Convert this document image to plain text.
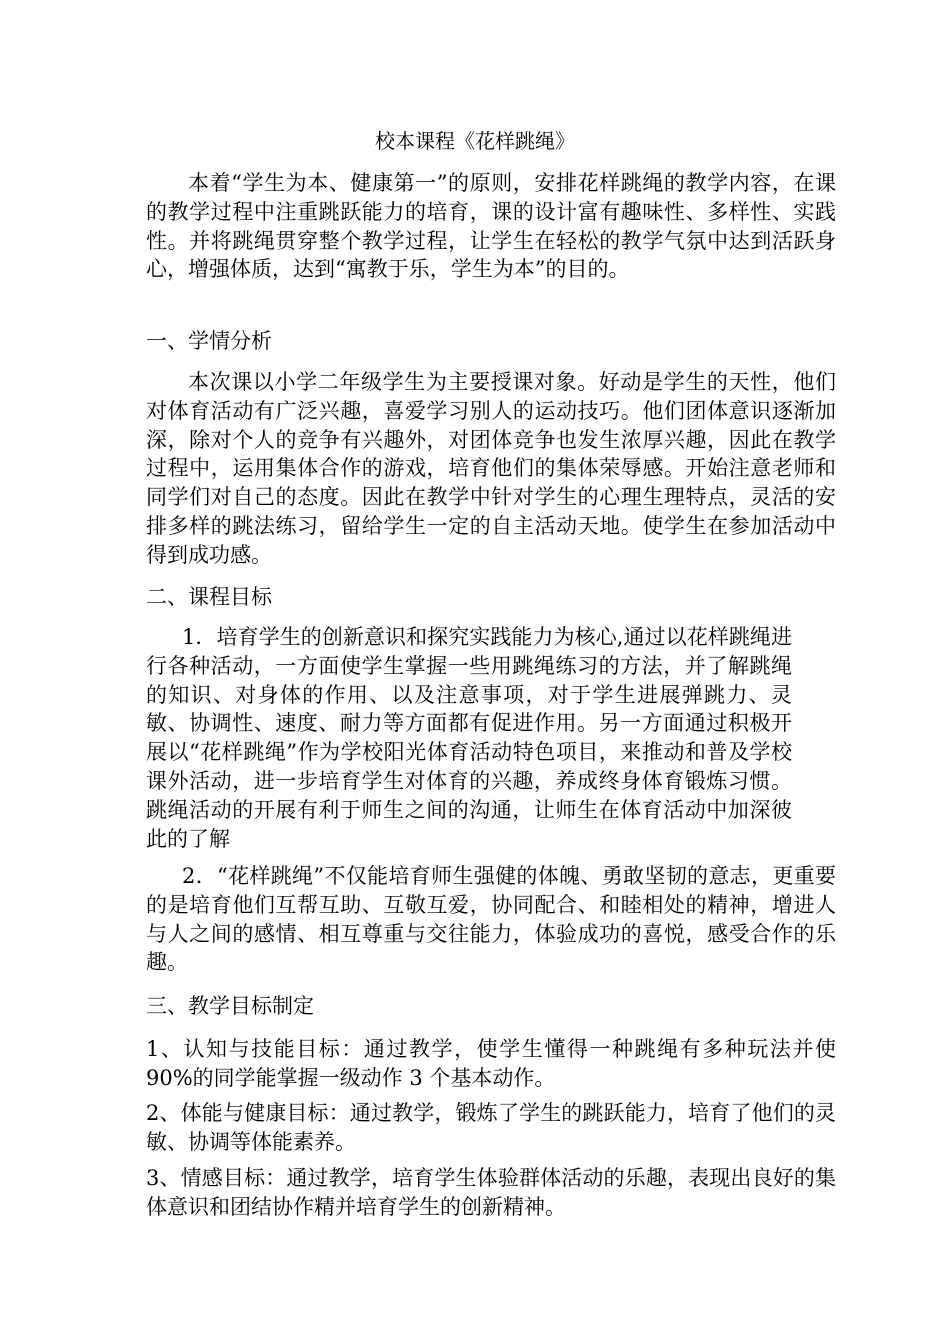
校本课程《花样跳绳》

本着“学生为本、健康第一”的原则，安排花样跳绳的教学内容，在课的教学过程中注重跳跃能力的培育，课的设计富有趣味性、多样性、实践性。并将跳绳贯穿整个教学过程，让学生在轻松的教学气氛中达到活跃身心，增强体质，达到“寓教于乐，学生为本”的目的。

一、学情分析

本次课以小学二年级学生为主要授课对象。好动是学生的天性，他们对体育活动有广泛兴趣，喜爱学习别人的运动技巧。他们团体意识逐渐加深，除对个人的竞争有兴趣外，对团体竞争也发生浓厚兴趣，因此在教学过程中，运用集体合作的游戏，培育他们的集体荣辱感。开始注意老师和同学们对自己的态度。因此在教学中针对学生的心理生理特点，灵活的安排多样的跳法练习，留给学生一定的自主活动天地。使学生在参加活动中得到成功感。

二、课程目标

1．培育学生的创新意识和探究实践能力为核心,通过以花样跳绳进行各种活动，一方面使学生掌握一些用跳绳练习的方法，并了解跳绳的知识、对身体的作用、以及注意事项，对于学生进展弹跳力、灵敏、协调性、速度、耐力等方面都有促进作用。另一方面通过积极开展以“花样跳绳”作为学校阳光体育活动特色项目，来推动和普及学校课外活动，进一步培育学生对体育的兴趣，养成终身体育锻炼习惯。跳绳活动的开展有利于师生之间的沟通，让师生在体育活动中加深彼此的了解

2．“花样跳绳”不仅能培育师生强健的体魄、勇敢坚韧的意志，更重要的是培育他们互帮互助、互敬互爱，协同配合、和睦相处的精神，增进人与人之间的感情、相互尊重与交往能力，体验成功的喜悦，感受合作的乐趣。

三、教学目标制定

1、认知与技能目标：通过教学，使学生懂得一种跳绳有多种玩法并使 90%的同学能掌握一级动作 3 个基本动作。

2、体能与健康目标：通过教学，锻炼了学生的跳跃能力，培育了他们的灵敏、协调等体能素养。

3、情感目标：通过教学，培育学生体验群体活动的乐趣，表现出良好的集体意识和团结协作精并培育学生的创新精神。
